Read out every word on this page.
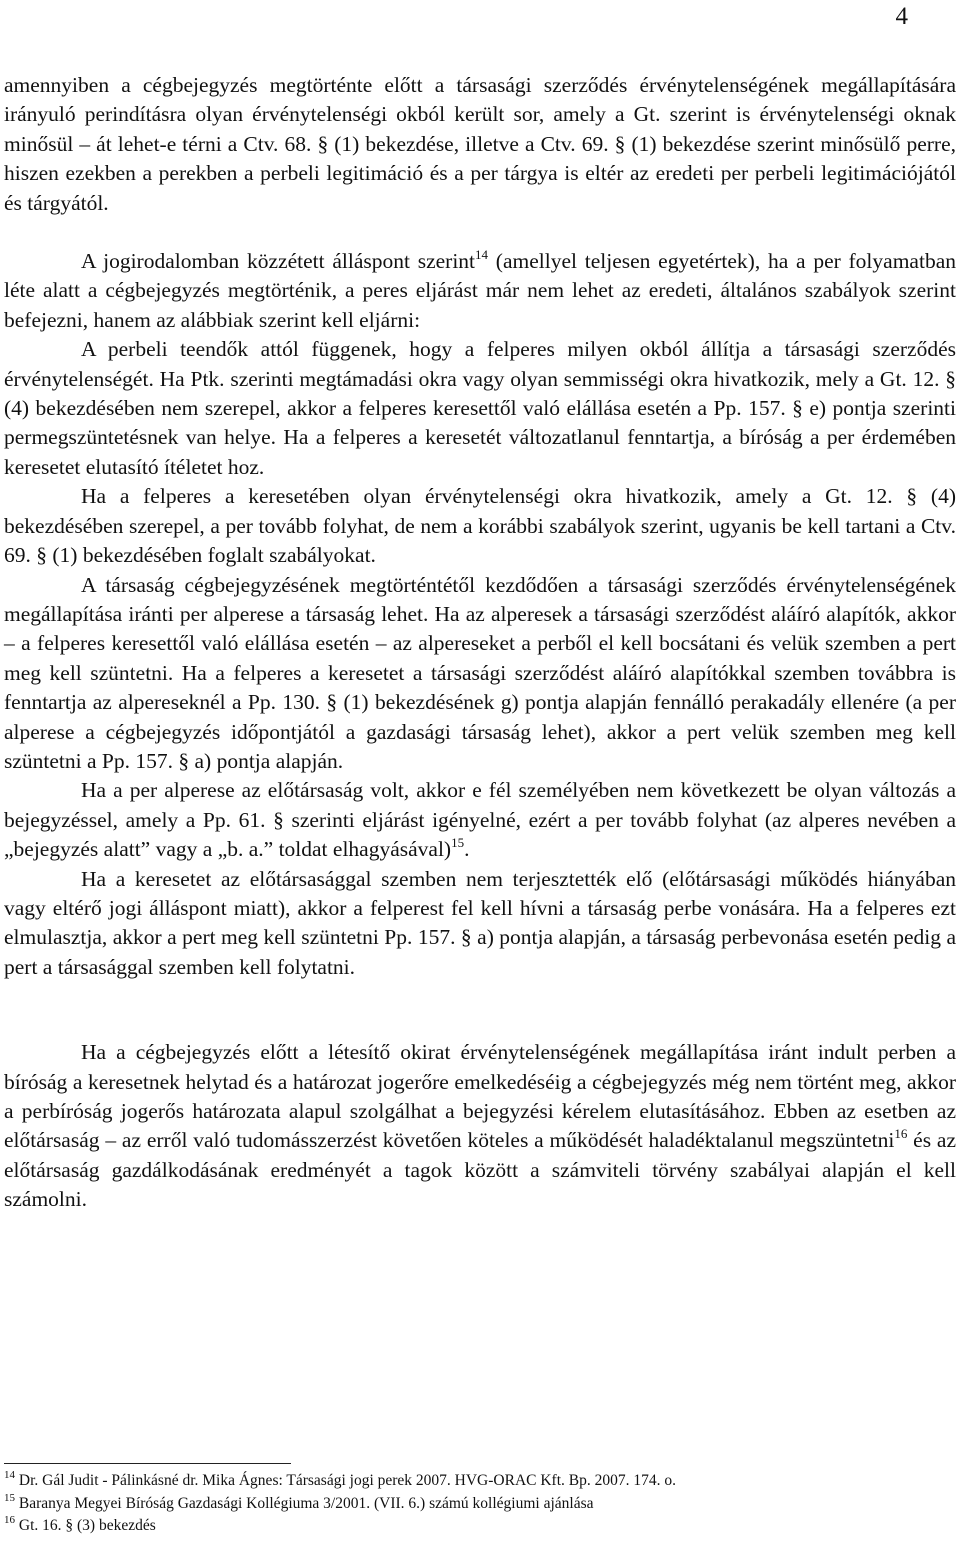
4

amennyiben a cégbejegyzés megtörténte előtt a társasági szerződés érvénytelenségének megállapítására irányuló perindításra olyan érvénytelenségi okból került sor, amely a Gt. szerint is érvénytelenségi oknak minősül – át lehet-e térni a Ctv. 68. § (1) bekezdése, illetve a Ctv. 69. § (1) bekezdése szerint minősülő perre, hiszen ezekben a perekben a perbeli legitimáció és a per tárgya is eltér az eredeti per perbeli legitimációjától és tárgyától.

A jogirodalomban közzétett álláspont szerint$^{14}$ (amellyel teljesen egyetértek), ha a per folyamatban léte alatt a cégbejegyzés megtörténik, a peres eljárást már nem lehet az eredeti, általános szabályok szerint befejezni, hanem az alábbiak szerint kell eljárni:

A perbeli teendők attól függenek, hogy a felperes milyen okból állítja a társasági szerződés érvénytelenségét. Ha Ptk. szerinti megtámadási okra vagy olyan semmisségi okra hivatkozik, mely a Gt. 12. § (4) bekezdésében nem szerepel, akkor a felperes keresettől való elállása esetén a Pp. 157. § e) pontja szerinti permegszüntetésnek van helye. Ha a felperes a keresetét változatlanul fenntartja, a bíróság a per érdemében keresetet elutasító ítéletet hoz.

Ha a felperes a keresetében olyan érvénytelenségi okra hivatkozik, amely a Gt. 12. § (4) bekezdésében szerepel, a per tovább folyhat, de nem a korábbi szabályok szerint, ugyanis be kell tartani a Ctv. 69. § (1) bekezdésében foglalt szabályokat.

A társaság cégbejegyzésének megtörténtétől kezdődően a társasági szerződés érvénytelenségének megállapítása iránti per alperese a társaság lehet. Ha az alperesek a társasági szerződést aláíró alapítók, akkor – a felperes keresettől való elállása esetén – az alpereseket a perből el kell bocsátani és velük szemben a pert meg kell szüntetni. Ha a felperes a keresetet a társasági szerződést aláíró alapítókkal szemben továbbra is fenntartja az alpereseknél a Pp. 130. § (1) bekezdésének g) pontja alapján fennálló perakadály ellenére (a per alperese a cégbejegyzés időpontjától a gazdasági társaság lehet), akkor a pert velük szemben meg kell szüntetni a Pp. 157. § a) pontja alapján.

Ha a per alperese az előtársaság volt, akkor e fél személyében nem következett be olyan változás a bejegyzéssel, amely a Pp. 61. § szerinti eljárást igényelné, ezért a per tovább folyhat (az alperes nevében a „bejegyzés alatt” vagy a „b. a.” toldat elhagyásával)$^{15}$.

Ha a keresetet az előtársasággal szemben nem terjesztették elő (előtársasági működés hiányában vagy eltérő jogi álláspont miatt), akkor a felperest fel kell hívni a társaság perbe vonására. Ha a felperes ezt elmulasztja, akkor a pert meg kell szüntetni Pp. 157. § a) pontja alapján, a társaság perbevonása esetén pedig a pert a társasággal szemben kell folytatni.

Ha a cégbejegyzés előtt a létesítő okirat érvénytelenségének megállapítása iránt indult perben a bíróság a keresetnek helytad és a határozat jogerőre emelkedéséig a cégbejegyzés még nem történt meg, akkor a perbíróság jogerős határozata alapul szolgálhat a bejegyzési kérelem elutasításához. Ebben az esetben az előtársaság – az erről való tudomásszerzést követően köteles a működését haladéktalanul megszüntetni$^{16}$ és az előtársaság gazdálkodásának eredményét a tagok között a számviteli törvény szabályai alapján el kell számolni.

$^{14}$ Dr. Gál Judit - Pálinkásné dr. Mika Ágnes: Társasági jogi perek 2007. HVG-ORAC Kft. Bp. 2007. 174. o.
$^{15}$ Baranya Megyei Bíróság Gazdasági Kollégiuma 3/2001. (VII. 6.) számú kollégiumi ajánlása
$^{16}$ Gt. 16. § (3) bekezdés
